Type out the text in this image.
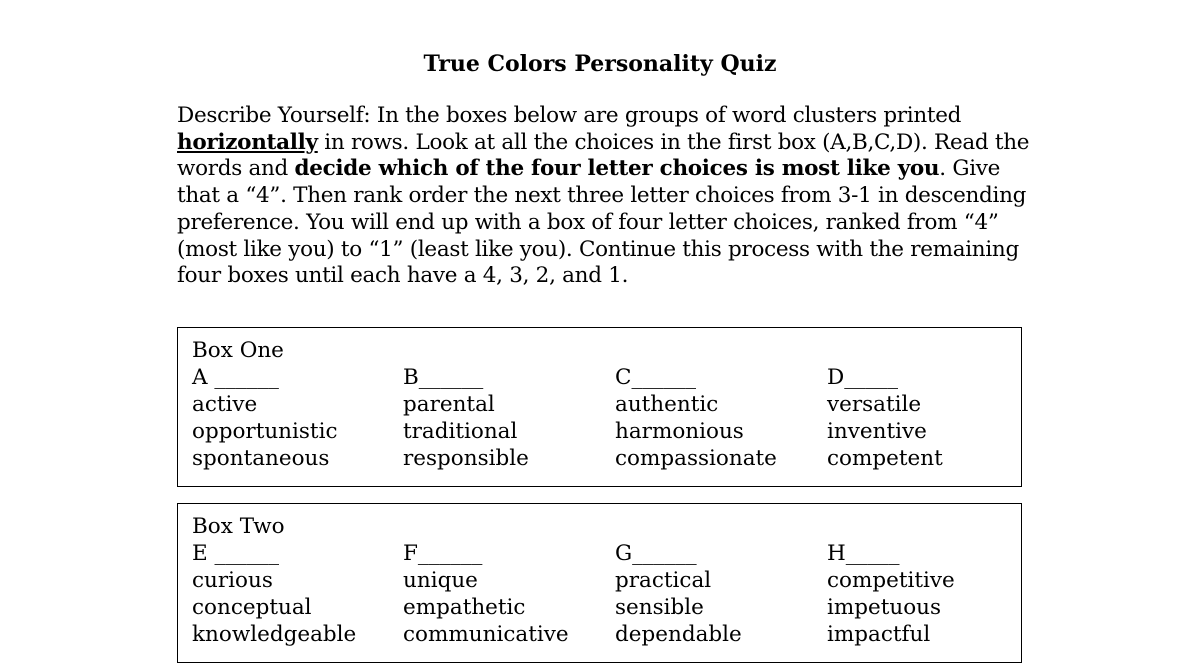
True Colors Personality Quiz
Describe Yourself: In the boxes below are groups of word clusters printed horizontally in rows. Look at all the choices in the first box (A,B,C,D). Read the words and decide which of the four letter choices is most like you. Give that a “4”. Then rank order the next three letter choices from 3-1 in descending preference. You will end up with a box of four letter choices, ranked from “4” (most like you) to “1” (least like you). Continue this process with the remaining four boxes until each have a 4, 3, 2, and 1.
Box One
A ______
active
opportunistic
spontaneous
B______
parental
traditional
responsible
C______
authentic
harmonious
compassionate
D_____
versatile
inventive
competent
Box Two
E ______
curious
conceptual
knowledgeable
F______
unique
empathetic
communicative
G______
practical
sensible
dependable
H_____
competitive
impetuous
impactful
